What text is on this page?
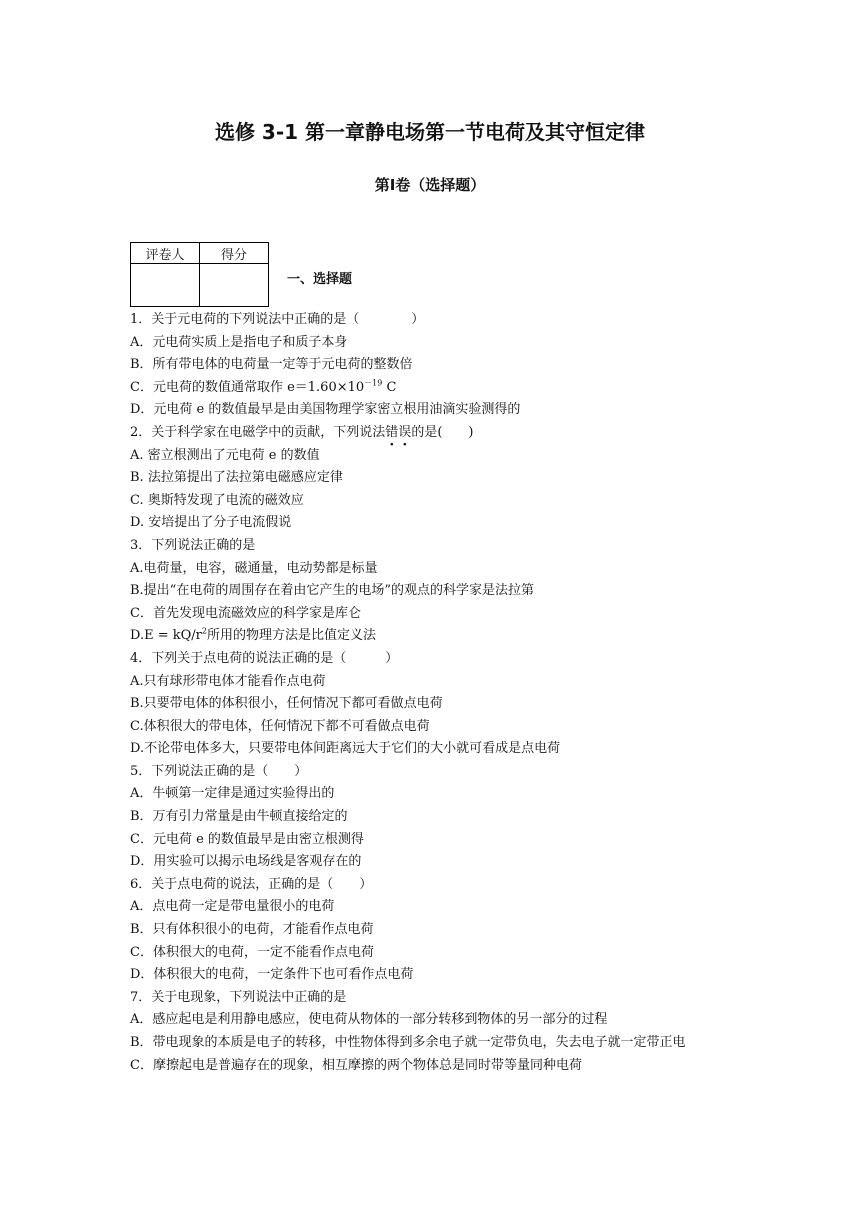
选修 3-1 第一章静电场第一节电荷及其守恒定律
第Ⅰ卷（选择题）
评卷人	得分

一、选择题
1．关于元电荷的下列说法中正确的是（　　　　）
A．元电荷实质上是指电子和质子本身
B．所有带电体的电荷量一定等于元电荷的整数倍
C．元电荷的数值通常取作 $e=1.60\times 10^{-19}$ C
D．元电荷 e 的数值最早是由美国物理学家密立根用油滴实验测得的
2．关于科学家在电磁学中的贡献，下列说法错误的是(　　)
A. 密立根测出了元电荷 e 的数值
B. 法拉第提出了法拉第电磁感应定律
C. 奥斯特发现了电流的磁效应
D. 安培提出了分子电流假说
3．下列说法正确的是
A.电荷量，电容，磁通量，电动势都是标量
B.提出“在电荷的周围存在着由它产生的电场”的观点的科学家是法拉第
C．首先发现电流磁效应的科学家是库仑
$D.E = kQ/r^2$所用的物理方法是比值定义法
4．下列关于点电荷的说法正确的是（　　　）
A.只有球形带电体才能看作点电荷
B.只要带电体的体积很小，任何情况下都可看做点电荷
C.体积很大的带电体，任何情况下都不可看做点电荷
D.不论带电体多大，只要带电体间距离远大于它们的大小就可看成是点电荷
5．下列说法正确的是（　　）
A．牛顿第一定律是通过实验得出的
B．万有引力常量是由牛顿直接给定的
C．元电荷 e 的数值最早是由密立根测得
D．用实验可以揭示电场线是客观存在的
6．关于点电荷的说法，正确的是（　　）
A．点电荷一定是带电量很小的电荷
B．只有体积很小的电荷，才能看作点电荷
C．体积很大的电荷，一定不能看作点电荷
D．体积很大的电荷，一定条件下也可看作点电荷
7．关于电现象，下列说法中正确的是
A．感应起电是利用静电感应，使电荷从物体的一部分转移到物体的另一部分的过程
B．带电现象的本质是电子的转移，中性物体得到多余电子就一定带负电，失去电子就一定带正电
C．摩擦起电是普遍存在的现象，相互摩擦的两个物体总是同时带等量同种电荷
